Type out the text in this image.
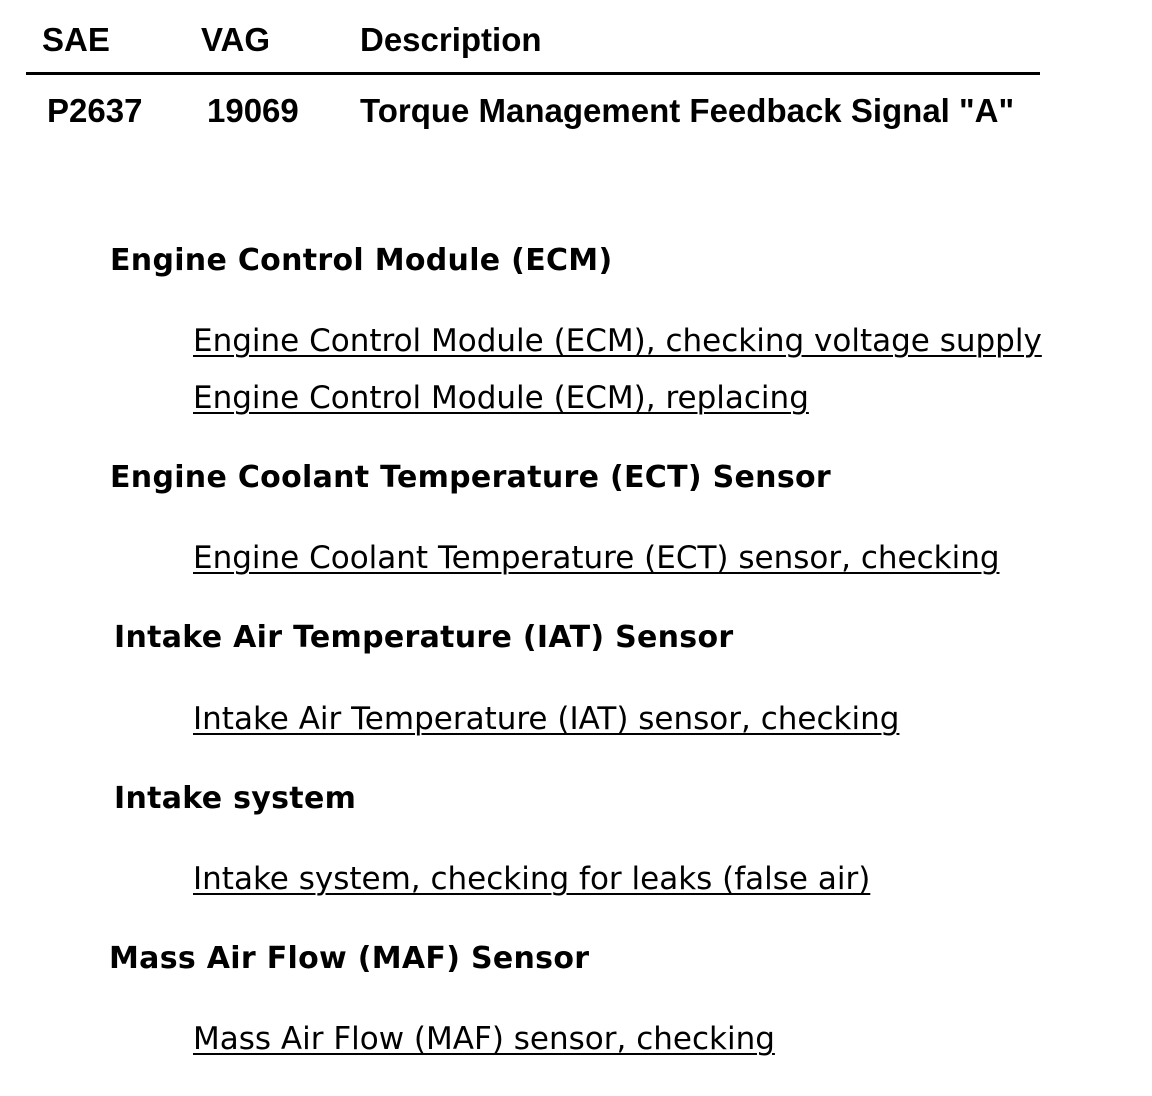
SAE	VAG	Description
P2637 19069 Torque Management Feedback Signal "A"
Engine Control Module (ECM)
Engine Control Module (ECM), checking voltage supply
Engine Control Module (ECM), replacing
Engine Coolant Temperature (ECT) Sensor
Engine Coolant Temperature (ECT) sensor, checking
Intake Air Temperature (IAT) Sensor
Intake Air Temperature (IAT) sensor, checking
Intake system
Intake system, checking for leaks (false air)
Mass Air Flow (MAF) Sensor
Mass Air Flow (MAF) sensor, checking
